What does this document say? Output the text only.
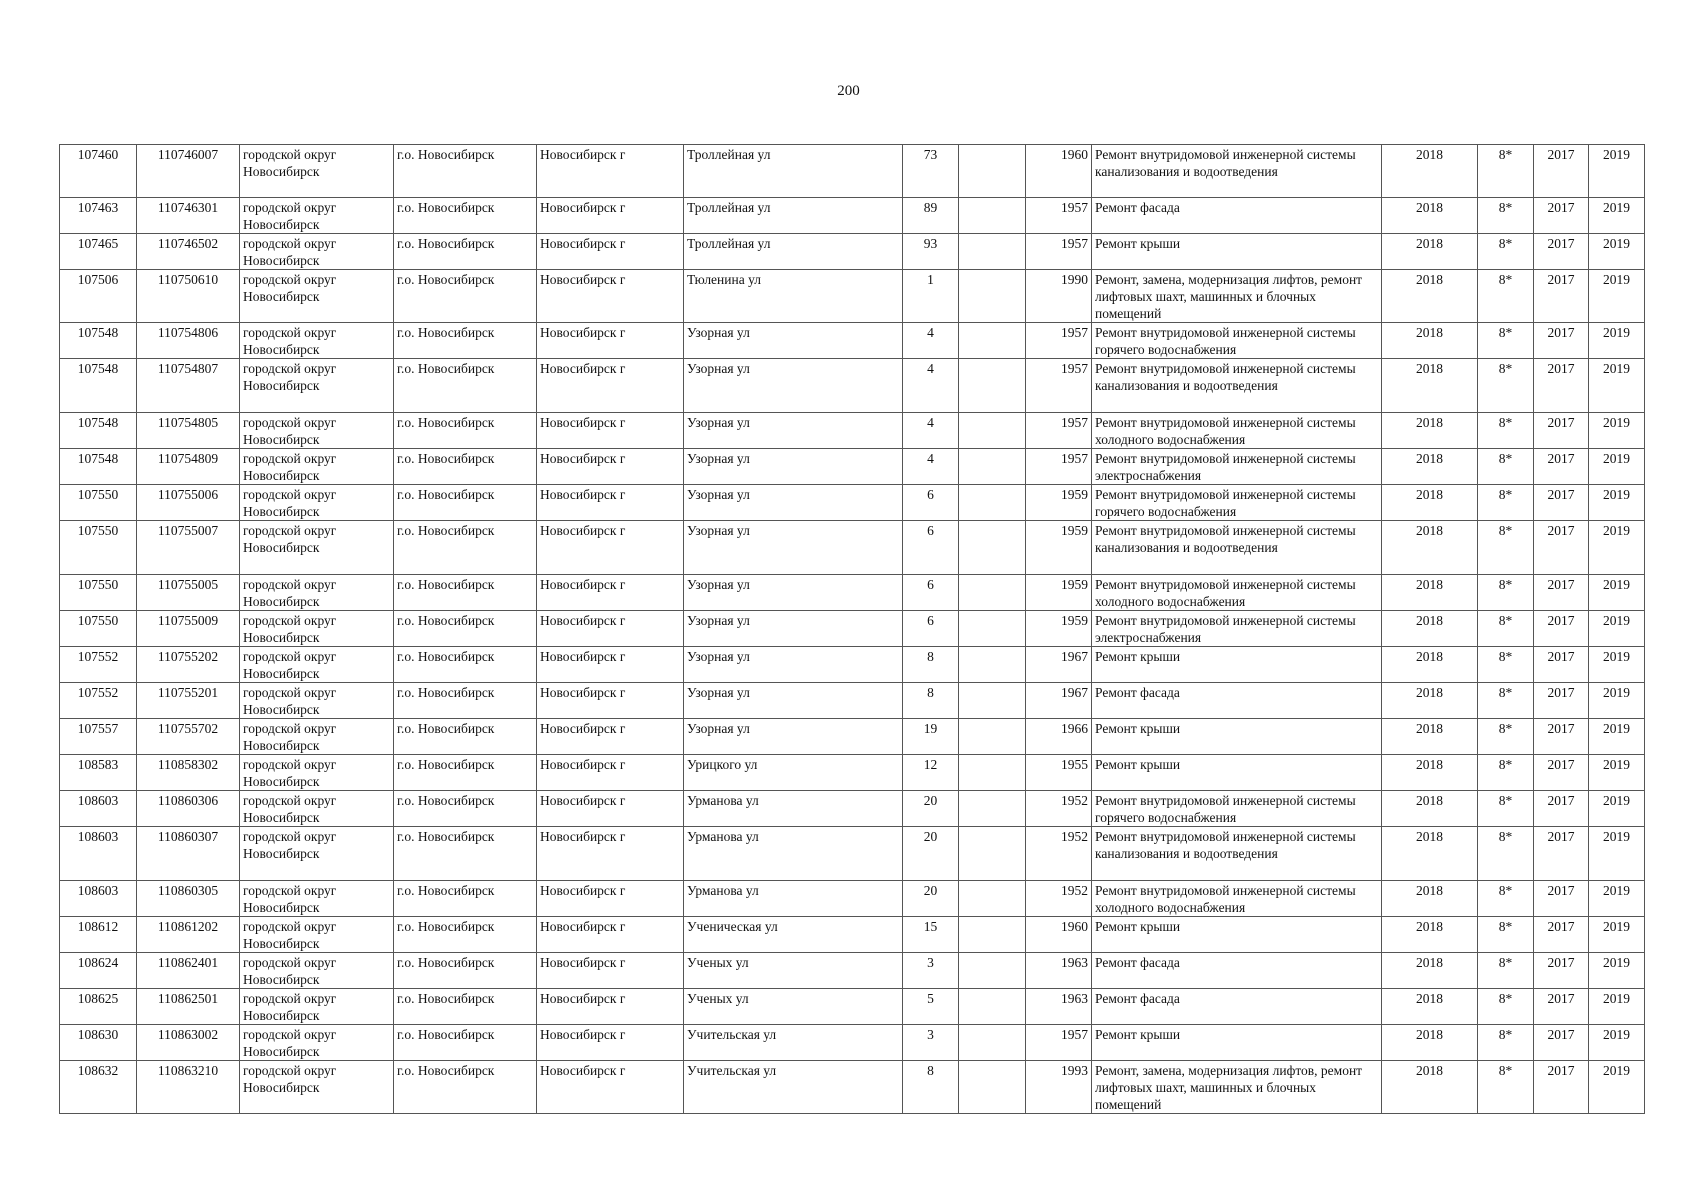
200
107460	110746007	городской округ Новосибирск	г.о. Новосибирск	Новосибирск г	Троллейная ул	73		1960	Ремонт внутридомовой инженерной системы канализования и водоотведения	2018	8*	2017	2019
107463	110746301	городской округ Новосибирск	г.о. Новосибирск	Новосибирск г	Троллейная ул	89		1957	Ремонт фасада	2018	8*	2017	2019
107465	110746502	городской округ Новосибирск	г.о. Новосибирск	Новосибирск г	Троллейная ул	93		1957	Ремонт крыши	2018	8*	2017	2019
107506	110750610	городской округ Новосибирск	г.о. Новосибирск	Новосибирск г	Тюленина ул	1		1990	Ремонт, замена, модернизация лифтов, ремонт лифтовых шахт, машинных и блочных помещений	2018	8*	2017	2019
107548	110754806	городской округ Новосибирск	г.о. Новосибирск	Новосибирск г	Узорная ул	4		1957	Ремонт внутридомовой инженерной системы горячего водоснабжения	2018	8*	2017	2019
107548	110754807	городской округ Новосибирск	г.о. Новосибирск	Новосибирск г	Узорная ул	4		1957	Ремонт внутридомовой инженерной системы канализования и водоотведения	2018	8*	2017	2019
107548	110754805	городской округ Новосибирск	г.о. Новосибирск	Новосибирск г	Узорная ул	4		1957	Ремонт внутридомовой инженерной системы холодного водоснабжения	2018	8*	2017	2019
107548	110754809	городской округ Новосибирск	г.о. Новосибирск	Новосибирск г	Узорная ул	4		1957	Ремонт внутридомовой инженерной системы электроснабжения	2018	8*	2017	2019
107550	110755006	городской округ Новосибирск	г.о. Новосибирск	Новосибирск г	Узорная ул	6		1959	Ремонт внутридомовой инженерной системы горячего водоснабжения	2018	8*	2017	2019
107550	110755007	городской округ Новосибирск	г.о. Новосибирск	Новосибирск г	Узорная ул	6		1959	Ремонт внутридомовой инженерной системы канализования и водоотведения	2018	8*	2017	2019
107550	110755005	городской округ Новосибирск	г.о. Новосибирск	Новосибирск г	Узорная ул	6		1959	Ремонт внутридомовой инженерной системы холодного водоснабжения	2018	8*	2017	2019
107550	110755009	городской округ Новосибирск	г.о. Новосибирск	Новосибирск г	Узорная ул	6		1959	Ремонт внутридомовой инженерной системы электроснабжения	2018	8*	2017	2019
107552	110755202	городской округ Новосибирск	г.о. Новосибирск	Новосибирск г	Узорная ул	8		1967	Ремонт крыши	2018	8*	2017	2019
107552	110755201	городской округ Новосибирск	г.о. Новосибирск	Новосибирск г	Узорная ул	8		1967	Ремонт фасада	2018	8*	2017	2019
107557	110755702	городской округ Новосибирск	г.о. Новосибирск	Новосибирск г	Узорная ул	19		1966	Ремонт крыши	2018	8*	2017	2019
108583	110858302	городской округ Новосибирск	г.о. Новосибирск	Новосибирск г	Урицкого ул	12		1955	Ремонт крыши	2018	8*	2017	2019
108603	110860306	городской округ Новосибирск	г.о. Новосибирск	Новосибирск г	Урманова ул	20		1952	Ремонт внутридомовой инженерной системы горячего водоснабжения	2018	8*	2017	2019
108603	110860307	городской округ Новосибирск	г.о. Новосибирск	Новосибирск г	Урманова ул	20		1952	Ремонт внутридомовой инженерной системы канализования и водоотведения	2018	8*	2017	2019
108603	110860305	городской округ Новосибирск	г.о. Новосибирск	Новосибирск г	Урманова ул	20		1952	Ремонт внутридомовой инженерной системы холодного водоснабжения	2018	8*	2017	2019
108612	110861202	городской округ Новосибирск	г.о. Новосибирск	Новосибирск г	Ученическая ул	15		1960	Ремонт крыши	2018	8*	2017	2019
108624	110862401	городской округ Новосибирск	г.о. Новосибирск	Новосибирск г	Ученых ул	3		1963	Ремонт фасада	2018	8*	2017	2019
108625	110862501	городской округ Новосибирск	г.о. Новосибирск	Новосибирск г	Ученых ул	5		1963	Ремонт фасада	2018	8*	2017	2019
108630	110863002	городской округ Новосибирск	г.о. Новосибирск	Новосибирск г	Учительская ул	3		1957	Ремонт крыши	2018	8*	2017	2019
108632	110863210	городской округ Новосибирск	г.о. Новосибирск	Новосибирск г	Учительская ул	8		1993	Ремонт, замена, модернизация лифтов, ремонт лифтовых шахт, машинных и блочных помещений	2018	8*	2017	2019
